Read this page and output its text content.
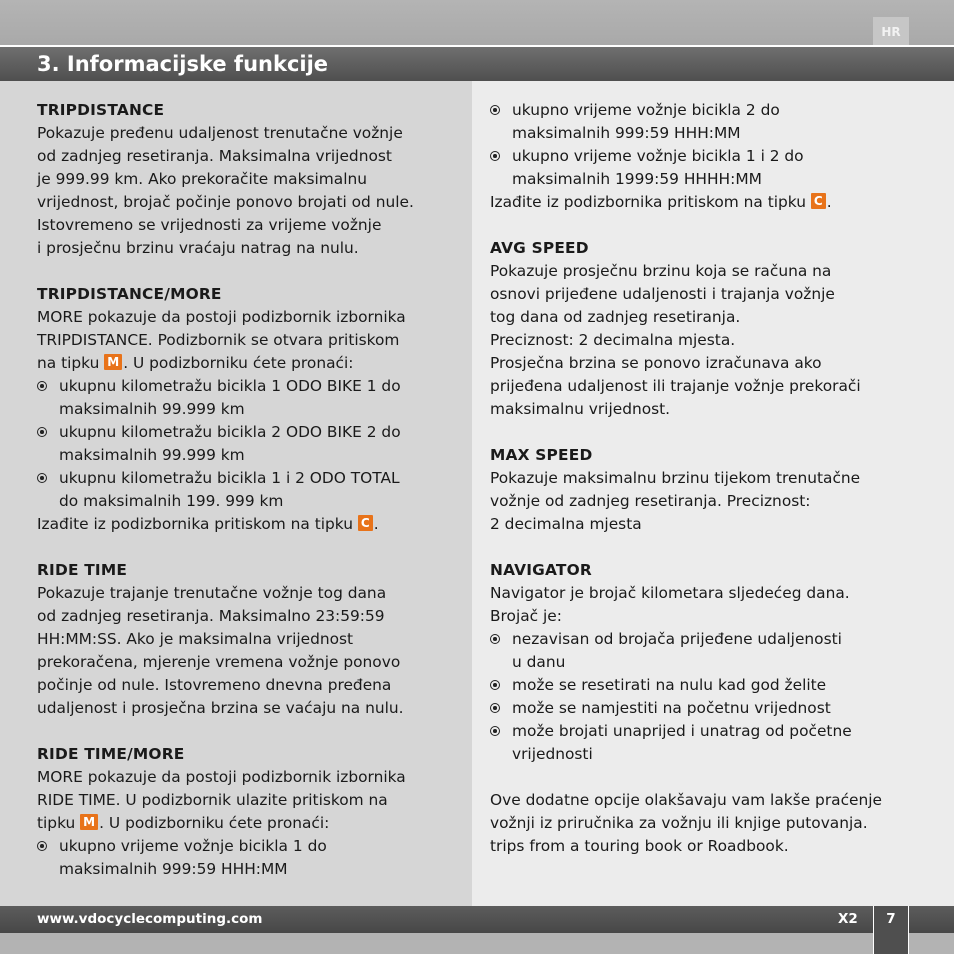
HR
3. Informacijske funkcije
TRIPDISTANCE

Pokazuje pređenu udaljenost trenutačne vožnje

od zadnjeg resetiranja. Maksimalna vrijednost

je 999.99 km. Ako prekoračite maksimalnu

vrijednost, brojač počinje ponovo brojati od nule.

Istovremeno se vrijednosti za vrijeme vožnje

i prosječnu brzinu vraćaju natrag na nulu.

TRIPDISTANCE/MORE

MORE pokazuje da postoji podizbornik izbornika

TRIPDISTANCE. Podizbornik se otvara pritiskom

na tipku M . U podizborniku ćete pronaći:

ukupnu kilometražu bicikla 1 ODO BIKE 1 do
maksimalnih 99.999 km
ukupnu kilometražu bicikla 2 ODO BIKE 2 do
maksimalnih 99.999 km
ukupnu kilometražu bicikla 1 i 2 ODO TOTAL
do maksimalnih 199. 999 km

Izađite iz podizbornika pritiskom na tipku C .

RIDE TIME

Pokazuje trajanje trenutačne vožnje tog dana

od zadnjeg resetiranja. Maksimalno 23:59:59

HH:MM:SS. Ako je maksimalna vrijednost

prekoračena, mjerenje vremena vožnje ponovo

počinje od nule. Istovremeno dnevna pređena

udaljenost i prosječna brzina se vaćaju na nulu.

RIDE TIME/MORE

MORE pokazuje da postoji podizbornik izbornika

RIDE TIME. U podizbornik ulazite pritiskom na

tipku M . U podizborniku ćete pronaći:

ukupno vrijeme vožnje bicikla 1 do
maksimalnih 999:59 HHH:MM
ukupno vrijeme vožnje bicikla 2 do
maksimalnih 999:59 HHH:MM
ukupno vrijeme vožnje bicikla 1 i 2 do
maksimalnih 1999:59 HHHH:MM

Izađite iz podizbornika pritiskom na tipku C .

AVG SPEED

Pokazuje prosječnu brzinu koja se računa na

osnovi prijeđene udaljenosti i trajanja vožnje

tog dana od zadnjeg resetiranja.

Preciznost: 2 decimalna mjesta.

Prosječna brzina se ponovo izračunava ako

prijeđena udaljenost ili trajanje vožnje prekorači

maksimalnu vrijednost.

MAX SPEED

Pokazuje maksimalnu brzinu tijekom trenutačne

vožnje od zadnjeg resetiranja. Preciznost:

2 decimalna mjesta

NAVIGATOR

Navigator je brojač kilometara sljedećeg dana.

Brojač je:

nezavisan od brojača prijeđene udaljenosti
u danu
može se resetirati na nulu kad god želite
može se namjestiti na početnu vrijednost
može brojati unaprijed i unatrag od početne
vrijednosti

Ove dodatne opcije olakšavaju vam lakše praćenje

vožnji iz priručnika za vožnju ili knjige putovanja.

trips from a touring book or Roadbook.

www.vdocyclecomputing.com	X2	7
